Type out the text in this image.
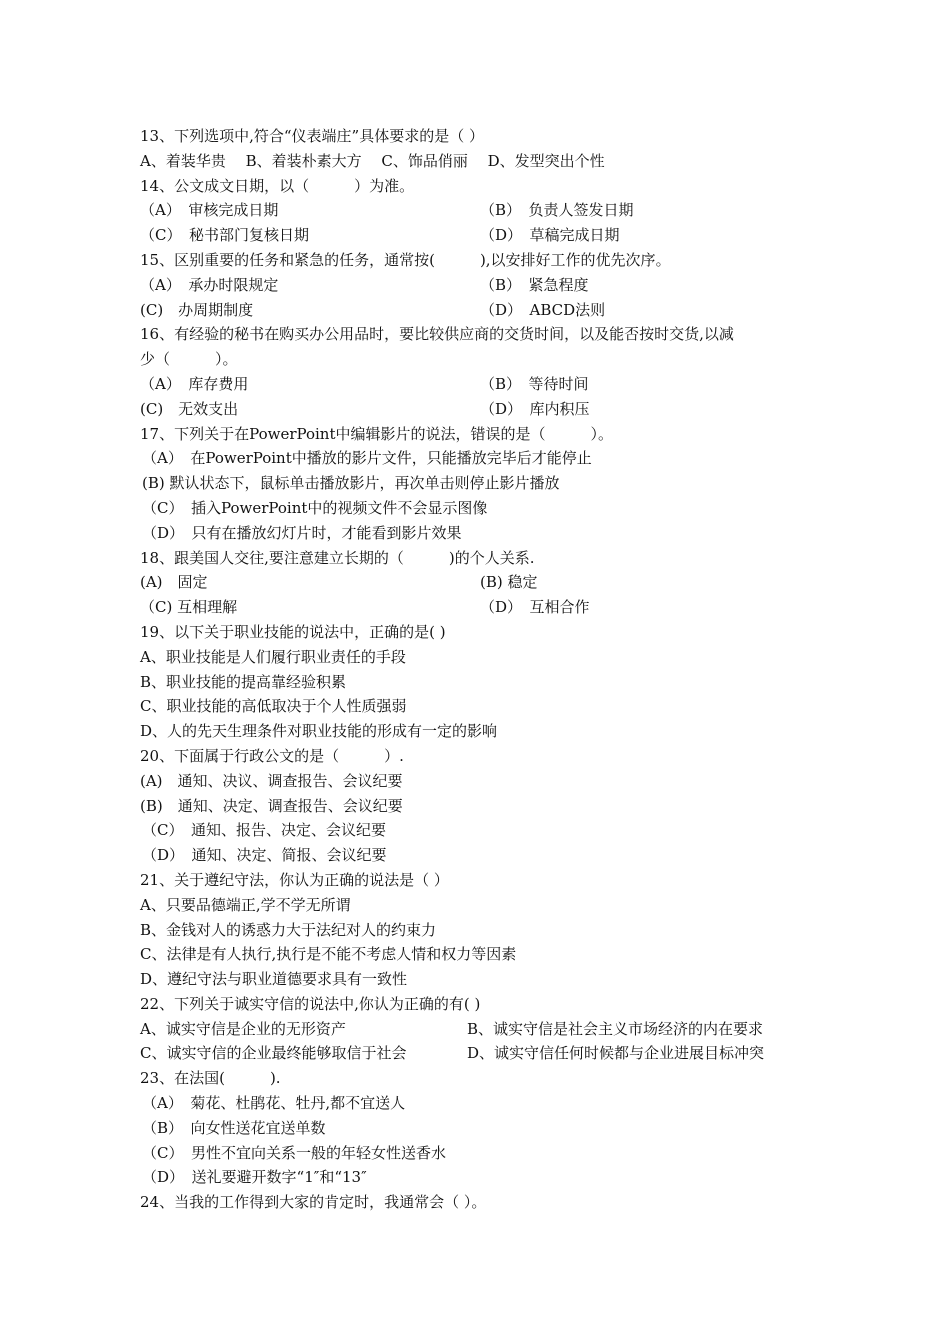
13、下列选项中,符合“仪表端庄”具体要求的是（ ）
A、着装华贵　 B、着装朴素大方　 C、饰品俏丽　 D、发型突出个性
14、公文成文日期，以（　　　）为准。
（A）　审核完成日期	（B）　负责人签发日期
（C）　秘书部门复核日期	（D）　草稿完成日期
15、区别重要的任务和紧急的任务，通常按(　　　),以安排好工作的优先次序。
（A）　承办时限规定	（B）　紧急程度
(C)　办周期制度	（D）　ABCD法则
16、有经验的秘书在购买办公用品时，要比较供应商的交货时间，以及能否按时交货,以减
少（　　　）。
（A）　库存费用	（B）　等待时间
(C)　无效支出	（D）　库内积压
17、下列关于在PowerPoint中编辑影片的说法，错误的是（　　　）。
（A）　在PowerPoint中播放的影片文件，只能播放完毕后才能停止
(B) 默认状态下，鼠标单击播放影片，再次单击则停止影片播放
（C）　插入PowerPoint中的视频文件不会显示图像
（D）　只有在播放幻灯片时，才能看到影片效果
18、跟美国人交往,要注意建立长期的（　　　)的个人关系.
(A)　固定	(B) 稳定
（C) 互相理解	（D）　互相合作
19、以下关于职业技能的说法中，正确的是( )
A、职业技能是人们履行职业责任的手段
B、职业技能的提高靠经验积累
C、职业技能的高低取决于个人性质强弱
D、人的先天生理条件对职业技能的形成有一定的影响
20、下面属于行政公文的是（　　　）.
(A)　通知、决议、调查报告、会议纪要
(B)　通知、决定、调查报告、会议纪要
（C）　通知、报告、决定、会议纪要
（D）　通知、决定、简报、会议纪要
21、关于遵纪守法，你认为正确的说法是（ ）
A、只要品德端正,学不学无所谓
B、金钱对人的诱惑力大于法纪对人的约束力
C、法律是有人执行,执行是不能不考虑人情和权力等因素
D、遵纪守法与职业道德要求具有一致性
22、下列关于诚实守信的说法中,你认为正确的有( )
A、诚实守信是企业的无形资产	B、诚实守信是社会主义市场经济的内在要求
C、诚实守信的企业最终能够取信于社会	D、诚实守信任何时候都与企业进展目标冲突
23、在法国(　　　).
（A）　菊花、杜鹃花、牡丹,都不宜送人
（B）　向女性送花宜送单数
（C）　男性不宜向关系一般的年轻女性送香水
（D）　送礼要避开数字“1″和“13″
24、当我的工作得到大家的肯定时，我通常会（ ）。
